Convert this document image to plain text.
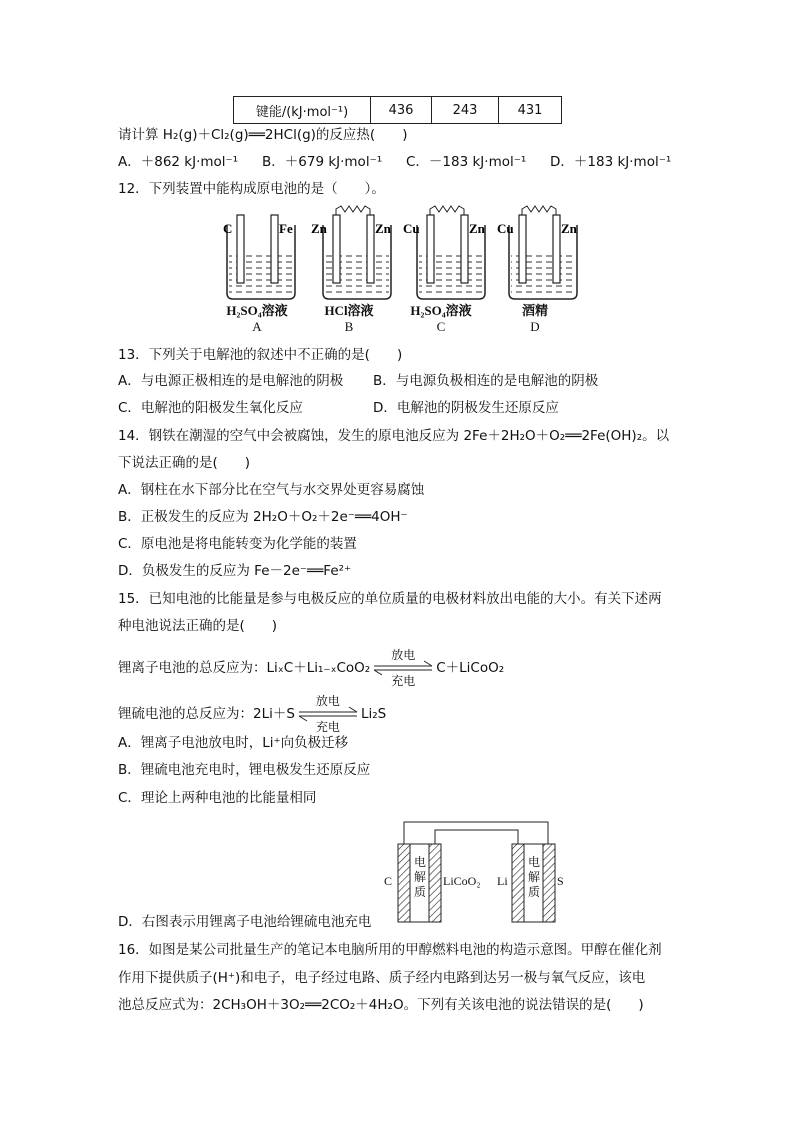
键能/(kJ·mol⁻¹)	436	243	431
请计算 H₂(g)＋Cl₂(g)══2HCl(g)的反应热(　　)
A．＋862 kJ·mol⁻¹ B．＋679 kJ·mol⁻¹ C．－183 kJ·mol⁻¹ D．＋183 kJ·mol⁻¹
12．下列装置中能构成原电池的是（　　）。
C	Fe Zn	Zn Cu	Zn Cu	Zn
H₂SO₄溶液	HCl溶液	H₂SO₄溶液	酒精
A	B	C	D
13．下列关于电解池的叙述中不正确的是(　　)
A．与电源正极相连的是电解池的阴极 B．与电源负极相连的是电解池的阴极
C．电解池的阳极发生氧化反应	D．电解池的阴极发生还原反应
14．钢铁在潮湿的空气中会被腐蚀，发生的原电池反应为 2Fe＋2H₂O＋O₂══2Fe(OH)₂。以
下说法正确的是(　　)
A．钢柱在水下部分比在空气与水交界处更容易腐蚀
B．正极发生的反应为 2H₂O＋O₂＋2e⁻══4OH⁻
C．原电池是将电能转变为化学能的装置
D．负极发生的反应为 Fe－2e⁻══Fe²⁺
15．已知电池的比能量是参与电极反应的单位质量的电极材料放出电能的大小。有关下述两
种电池说法正确的是(　　)
锂离子电池的总反应为：LiₓC＋Li₁₋ₓCoO₂
放电
充电
C＋LiCoO₂
锂硫电池的总反应为：2Li＋S
放电
充电
Li₂S
A．锂离子电池放电时，Li⁺向负极迁移
B．锂硫电池充电时，锂电极发生还原反应
C．理论上两种电池的比能量相同
C
电解质
LiCoO₂ Li
电解质
S
D．右图表示用锂离子电池给锂硫电池充电
16．如图是某公司批量生产的笔记本电脑所用的甲醇燃料电池的构造示意图。甲醇在催化剂
作用下提供质子(H⁺)和电子，电子经过电路、质子经内电路到达另一极与氧气反应，该电
池总反应式为：2CH₃OH＋3O₂══2CO₂＋4H₂O。下列有关该电池的说法错误的是(　　)
